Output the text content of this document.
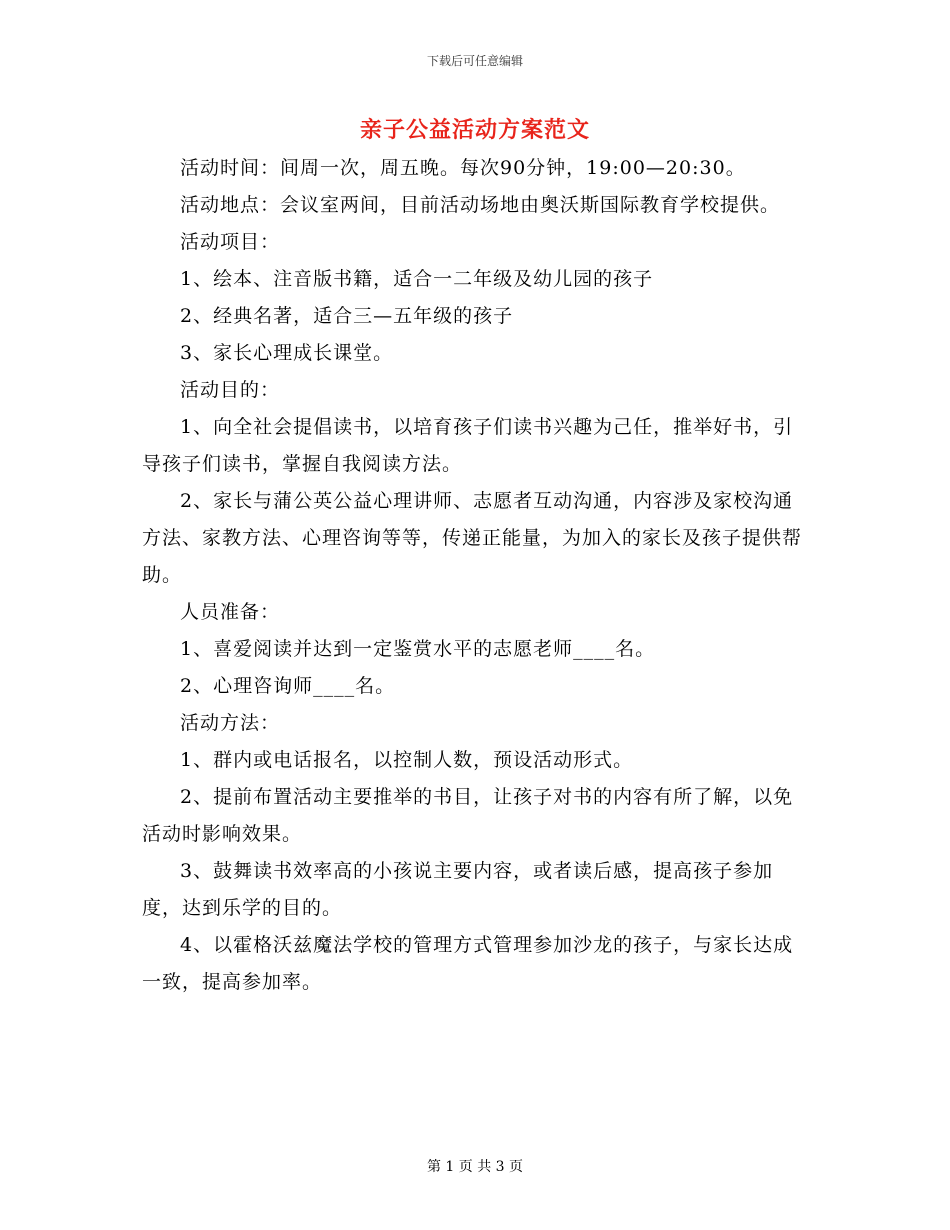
下载后可任意编辑
亲子公益活动方案范文

活动时间：间周一次，周五晚。每次90分钟，19:00—20:30。

活动地点：会议室两间，目前活动场地由奥沃斯国际教育学校提供。

活动项目：

1、绘本、注音版书籍，适合一二年级及幼儿园的孩子

2、经典名著，适合三—五年级的孩子

3、家长心理成长课堂。

活动目的：

1、向全社会提倡读书，以培育孩子们读书兴趣为己任，推举好书，引导孩子们读书，掌握自我阅读方法。

2、家长与蒲公英公益心理讲师、志愿者互动沟通，内容涉及家校沟通方法、家教方法、心理咨询等等，传递正能量，为加入的家长及孩子提供帮助。

人员准备：

1、喜爱阅读并达到一定鉴赏水平的志愿老师____名。

2、心理咨询师____名。

活动方法：

1、群内或电话报名，以控制人数，预设活动形式。

2、提前布置活动主要推举的书目，让孩子对书的内容有所了解，以免活动时影响效果。

3、鼓舞读书效率高的小孩说主要内容，或者读后感，提高孩子参加度，达到乐学的目的。

4、以霍格沃兹魔法学校的管理方式管理参加沙龙的孩子，与家长达成一致，提高参加率。

第 1 页 共 3 页
